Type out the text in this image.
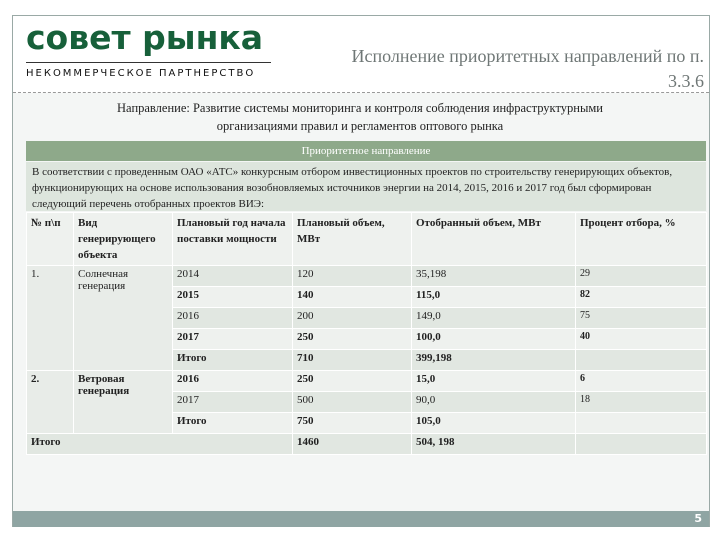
совет рынка
НЕКОММЕРЧЕСКОЕ ПАРТНЕРСТВО
Исполнение приоритетных направлений по п.
3.3.6
Направление: Развитие системы мониторинга и контроля соблюдения инфраструктурными
организациями правил и регламентов оптового рынка
Приоритетное направление
В соответствии с проведенным ОАО «АТС» конкурсным отбором инвестиционных проектов по строительству генерирующих объектов, функционирующих на основе использования возобновляемых источников энергии на 2014, 2015, 2016 и 2017 год был сформирован следующий перечень отобранных проектов ВИЭ:
№ п\п	Вид генерирующего объекта	Плановый год начала поставки мощности	Плановый объем, МВт	Отобранный объем, МВт	Процент отбора, %
1.	Солнечная генерация	2014	120	35,198	29
		2015	140	115,0	82
		2016	200	149,0	75
		2017	250	100,0	40
		Итого	710	399,198	
2.	Ветровая генерация	2016	250	15,0	6
		2017	500	90,0	18
		Итого	750	105,0	
Итого			1460	504, 198	
5
